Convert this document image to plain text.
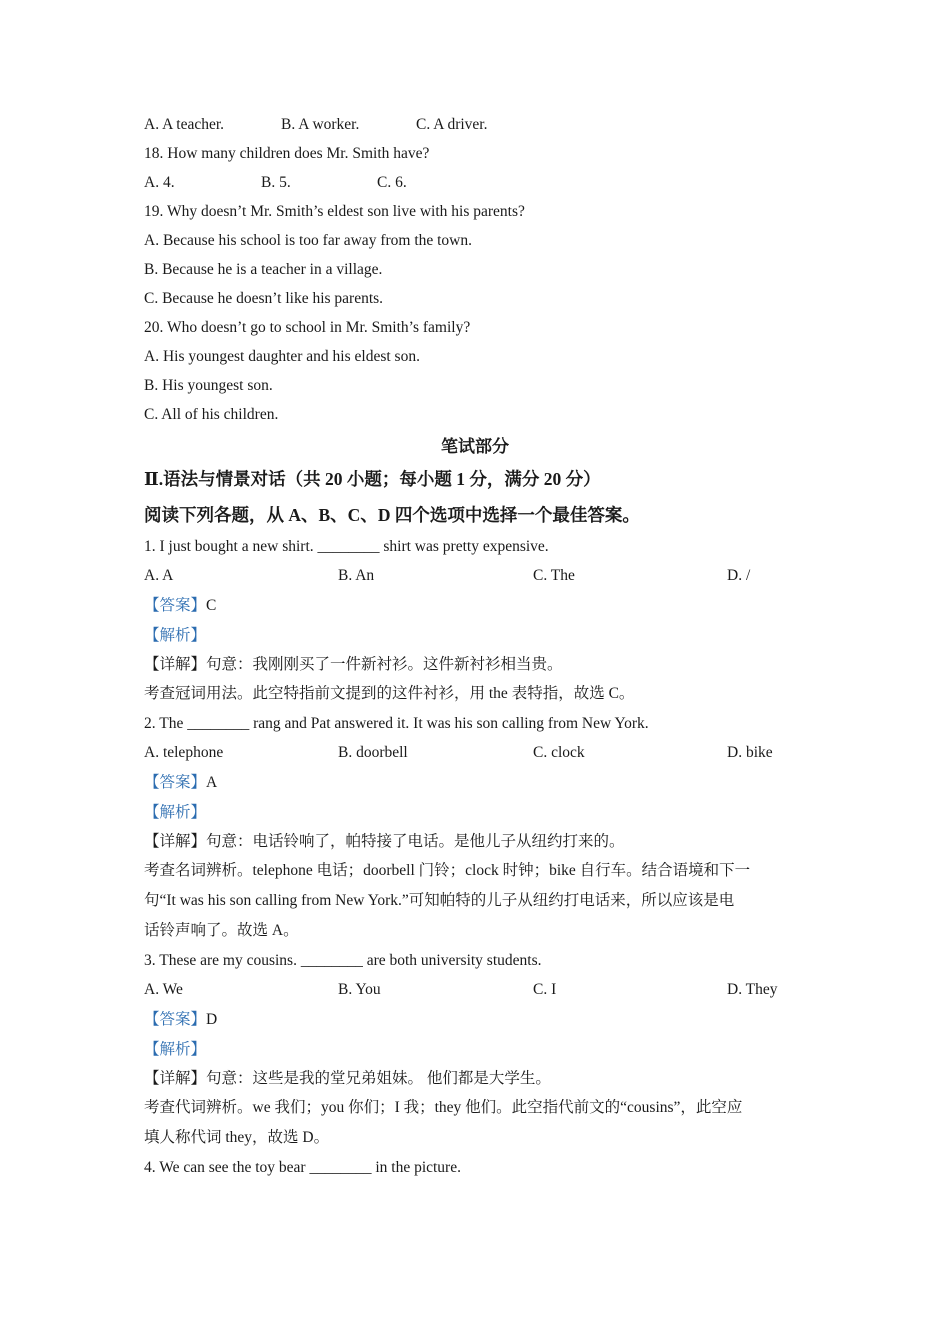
A. A teacher.	B. A worker.	C. A driver.
18. How many children does Mr. Smith have?
A. 4.	B. 5.	C. 6.
19. Why doesn’t Mr. Smith’s eldest son live with his parents?
A. Because his school is too far away from the town.
B. Because he is a teacher in a village.
C. Because he doesn’t like his parents.
20. Who doesn’t go to school in Mr. Smith’s family?
A. His youngest daughter and his eldest son.
B. His youngest son.
C. All of his children.
笔试部分
Ⅱ.语法与情景对话（共 20 小题；每小题 1 分，满分 20 分）
阅读下列各题，从 A、B、C、D 四个选项中选择一个最佳答案。
1. I just bought a new shirt. ________ shirt was pretty expensive.
A. A	B. An	C. The	D. /
【答案】C
【解析】
【详解】句意：我刚刚买了一件新衬衫。这件新衬衫相当贵。
考查冠词用法。此空特指前文提到的这件衬衫，用 the 表特指，故选 C。
2. The ________ rang and Pat answered it. It was his son calling from New York.
A. telephone	B. doorbell	C. clock	D. bike
【答案】A
【解析】
【详解】句意：电话铃响了，帕特接了电话。是他儿子从纽约打来的。
考查名词辨析。telephone 电话；doorbell 门铃；clock 时钟；bike 自行车。结合语境和下一
句“It was his son calling from New York.”可知帕特的儿子从纽约打电话来，所以应该是电
话铃声响了。故选 A。
3. These are my cousins. ________ are both university students.
A. We	B. You	C. I	D. They
【答案】D
【解析】
【详解】句意：这些是我的堂兄弟姐妹。 他们都是大学生。
考查代词辨析。we 我们；you 你们；I 我；they 他们。此空指代前文的“cousins”，此空应
填人称代词 they，故选 D。
4. We can see the toy bear ________ in the picture.
